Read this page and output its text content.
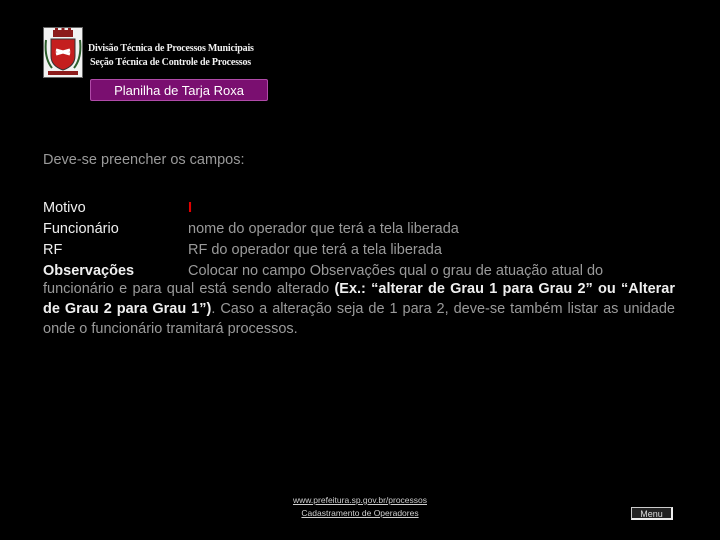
Divisão Técnica de Processos Municipais
Seção Técnica de Controle de Processos
Planilha de Tarja Roxa
Deve-se preencher os campos:
Motivo	I
Funcionário	nome do operador que terá a tela liberada
RF	RF do operador que terá a tela liberada
Observações	Colocar no campo Observações qual o grau de atuação atual do
funcionário e para qual está sendo alterado (Ex.: “alterar de Grau 1 para Grau 2” ou “Alterar de Grau 2 para Grau 1”). Caso a alteração seja de 1 para 2, deve-se também listar as unidade onde o funcionário tramitará processos.
www.prefeitura.sp.gov.br/processos
Cadastramento de Operadores	Menu
